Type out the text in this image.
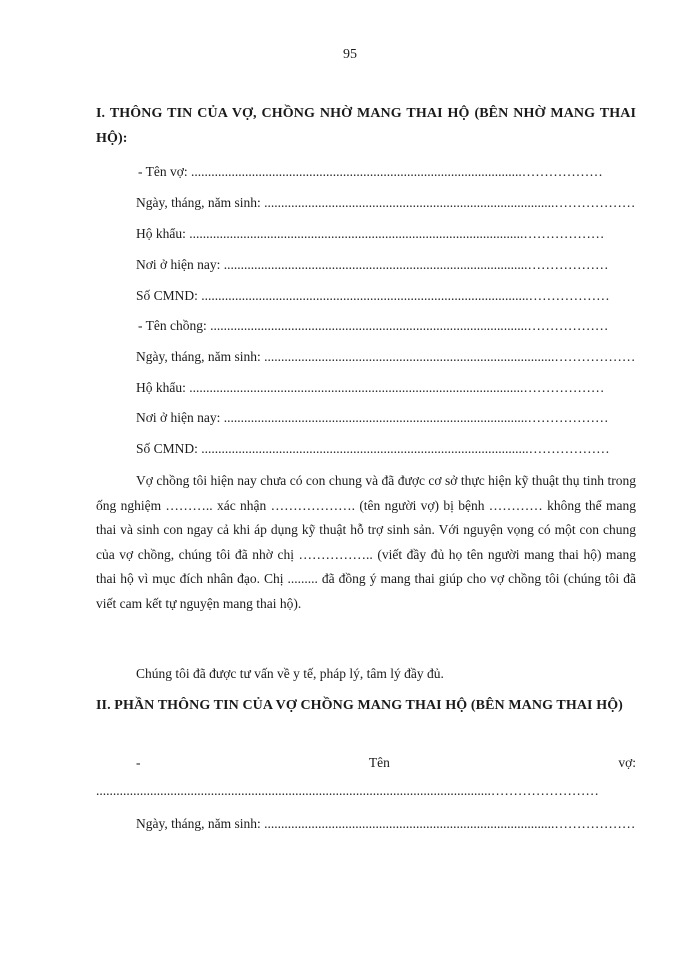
95
I. THÔNG TIN CỦA VỢ, CHỒNG NHỜ MANG THAI HỘ (BÊN NHỜ MANG THAI HỘ):
- Tên vợ: ..................................................................................................………………
Ngày, tháng, năm sinh: ......................................................................................………………
Hộ khẩu: ...................................................................................................………………
Nơi ở hiện nay: ..........................................................................................………………
Số CMND: .................................................................................................………………
- Tên chồng: ..............................................................................................………………
Ngày, tháng, năm sinh: ......................................................................................………………
Hộ khẩu: ...................................................................................................………………
Nơi ở hiện nay: ..........................................................................................………………
Số CMND: .................................................................................................………………
Vợ chồng tôi hiện nay chưa có con chung và đã được cơ sở thực hiện kỹ thuật thụ tinh trong ống nghiệm ……….. xác nhận ………………. (tên người vợ) bị bệnh ………… không thể mang thai và sinh con ngay cả khi áp dụng kỹ thuật hỗ trợ sinh sản. Với nguyện vọng có một con chung của vợ chồng, chúng tôi đã nhờ chị …………….. (viết đầy đủ họ tên người mang thai hộ) mang thai hộ vì mục đích nhân đạo. Chị ......... đã đồng ý mang thai giúp cho vợ chồng tôi (chúng tôi đã viết cam kết tự nguyện mang thai hộ).
Chúng tôi đã được tư vấn về y tế, pháp lý, tâm lý đầy đủ.
II. PHẦN THÔNG TIN CỦA VỢ CHỒNG MANG THAI HỘ (BÊN MANG THAI HỘ)
-	Tên	vợ:
.....................................................................................................................……………………
Ngày, tháng, năm sinh: ......................................................................................………………
